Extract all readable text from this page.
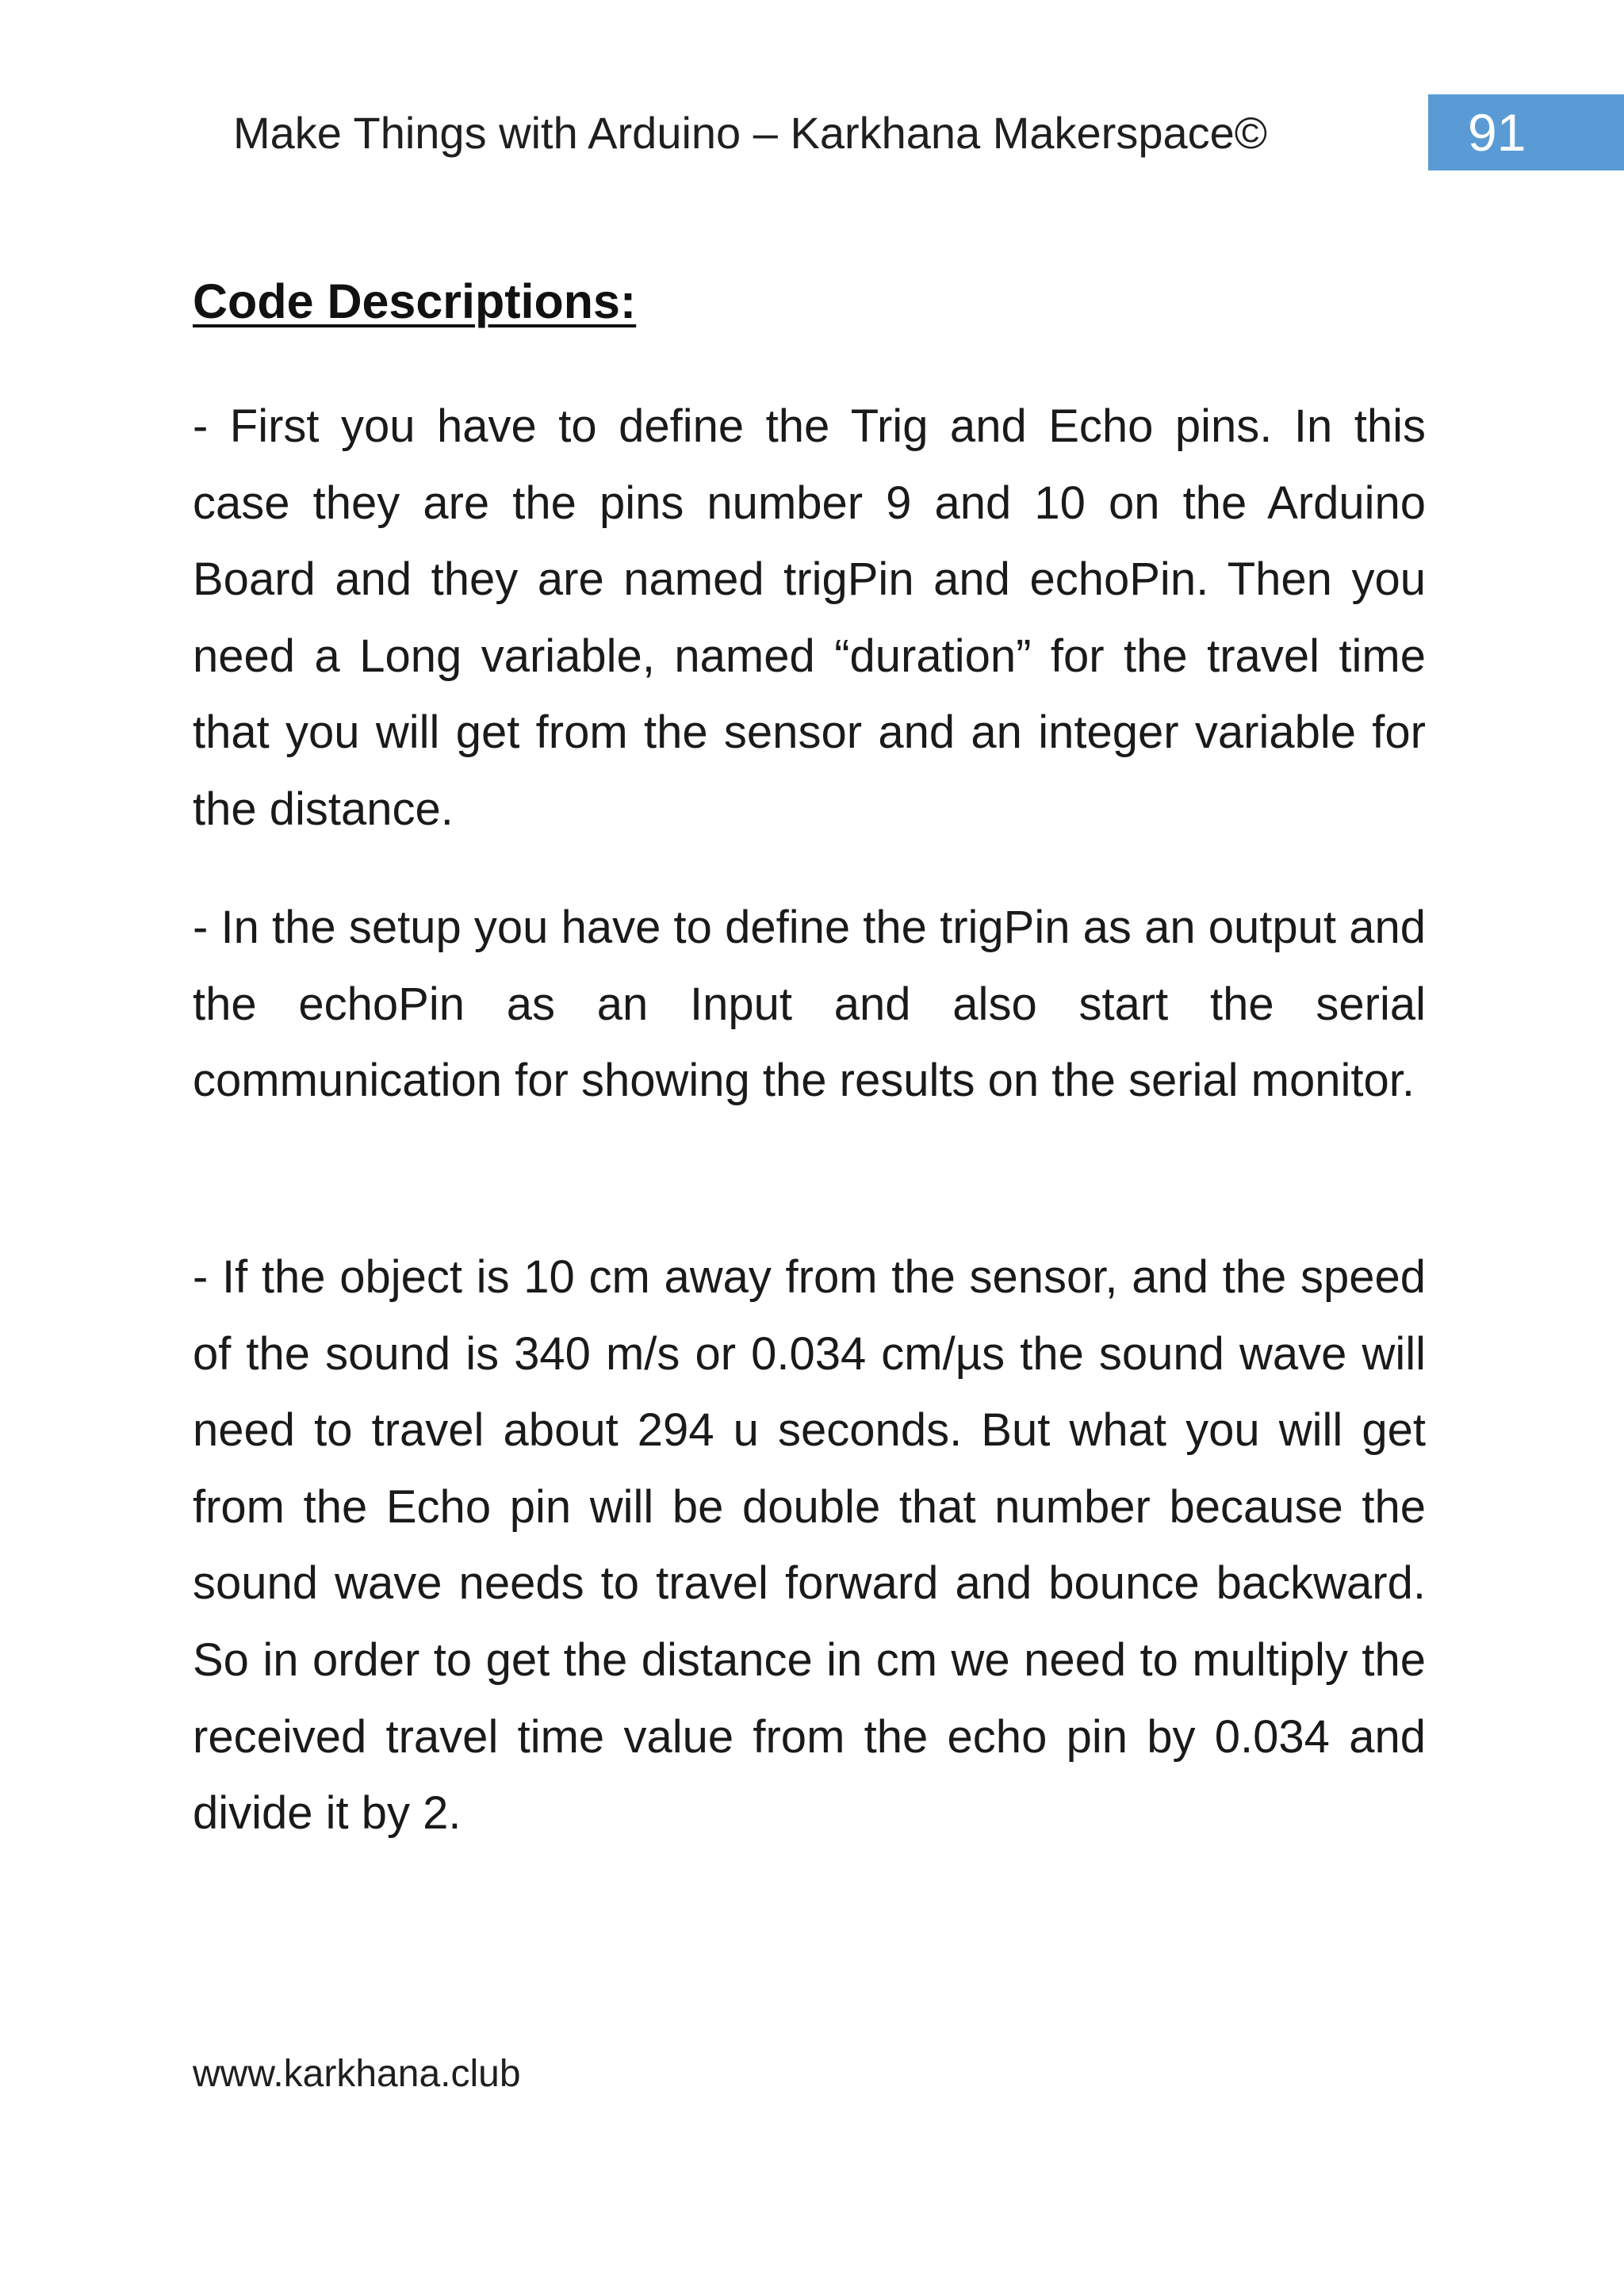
Make Things with Arduino – Karkhana Makerspace©	91
Code Descriptions:

- First you have to define the Trig and Echo pins. In this case they are the pins number 9 and 10 on the Arduino Board and they are named trigPin and echoPin. Then you need a Long variable, named “duration” for the travel time that you will get from the sensor and an integer variable for the distance.

- In the setup you have to define the trigPin as an output and the echoPin as an Input and also start the serial communication for showing the results on the serial monitor.

- If the object is 10 cm away from the sensor, and the speed of the sound is 340 m/s or 0.034 cm/µs the sound wave will need to travel about 294 u seconds. But what you will get from the Echo pin will be double that number because the sound wave needs to travel forward and bounce backward. So in order to get the distance in cm we need to multiply the received travel time value from the echo pin by 0.034 and divide it by 2.

www.karkhana.club
